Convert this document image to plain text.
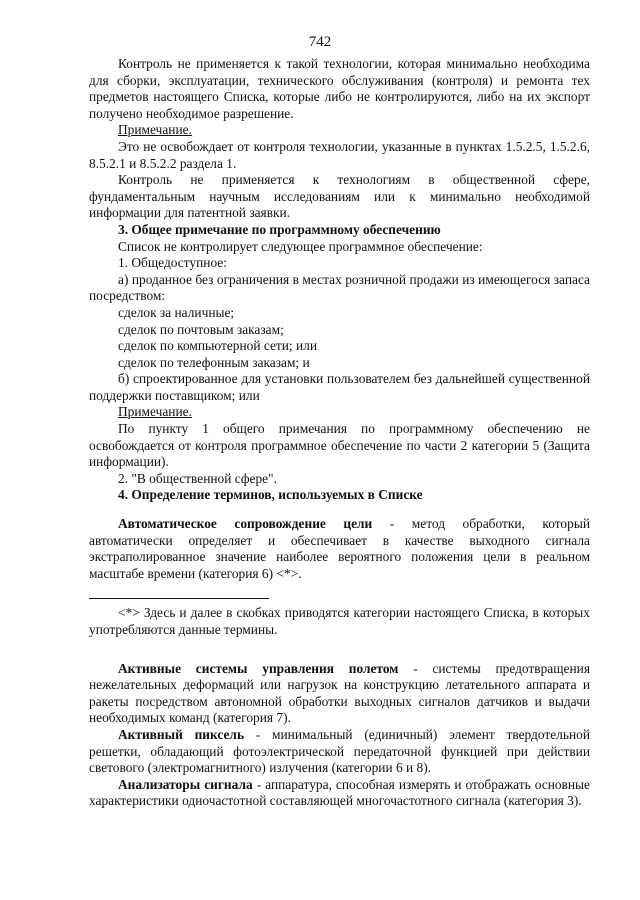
742

Контроль не применяется к такой технологии, которая минимально необходима для сборки, эксплуатации, технического обслуживания (контроля) и ремонта тех предметов настоящего Списка, которые либо не контролируются, либо на их экспорт получено необходимое разрешение.

Примечание.

Это не освобождает от контроля технологии, указанные в пунктах 1.5.2.5, 1.5.2.6, 8.5.2.1 и 8.5.2.2 раздела 1.

Контроль не применяется к технологиям в общественной сфере, фундаментальным научным исследованиям или к минимально необходимой информации для патентной заявки.

3. Общее примечание по программному обеспечению

Список не контролирует следующее программное обеспечение:

1. Общедоступное:

а) проданное без ограничения в местах розничной продажи из имеющегося запаса посредством:

сделок за наличные;

сделок по почтовым заказам;

сделок по компьютерной сети; или

сделок по телефонным заказам; и

б) спроектированное для установки пользователем без дальнейшей существенной поддержки поставщиком; или

Примечание.

По пункту 1 общего примечания по программному обеспечению не освобождается от контроля программное обеспечение по части 2 категории 5 (Защита информации).

2. "В общественной сфере".

4. Определение терминов, используемых в Списке

Автоматическое сопровождение цели - метод обработки, который автоматически определяет и обеспечивает в качестве выходного сигнала экстраполированное значение наиболее вероятного положения цели в реальном масштабе времени (категория 6) <*>.

<*> Здесь и далее в скобках приводятся категории настоящего Списка, в которых употребляются данные термины.

Активные системы управления полетом - системы предотвращения нежелательных деформаций или нагрузок на конструкцию летательного аппарата и ракеты посредством автономной обработки выходных сигналов датчиков и выдачи необходимых команд (категория 7).

Активный пиксель - минимальный (единичный) элемент твердотельной решетки, обладающий фотоэлектрической передаточной функцией при действии светового (электромагнитного) излучения (категории 6 и 8).

Анализаторы сигнала - аппаратура, способная измерять и отображать основные характеристики одночастотной составляющей многочастотного сигнала (категория 3).
